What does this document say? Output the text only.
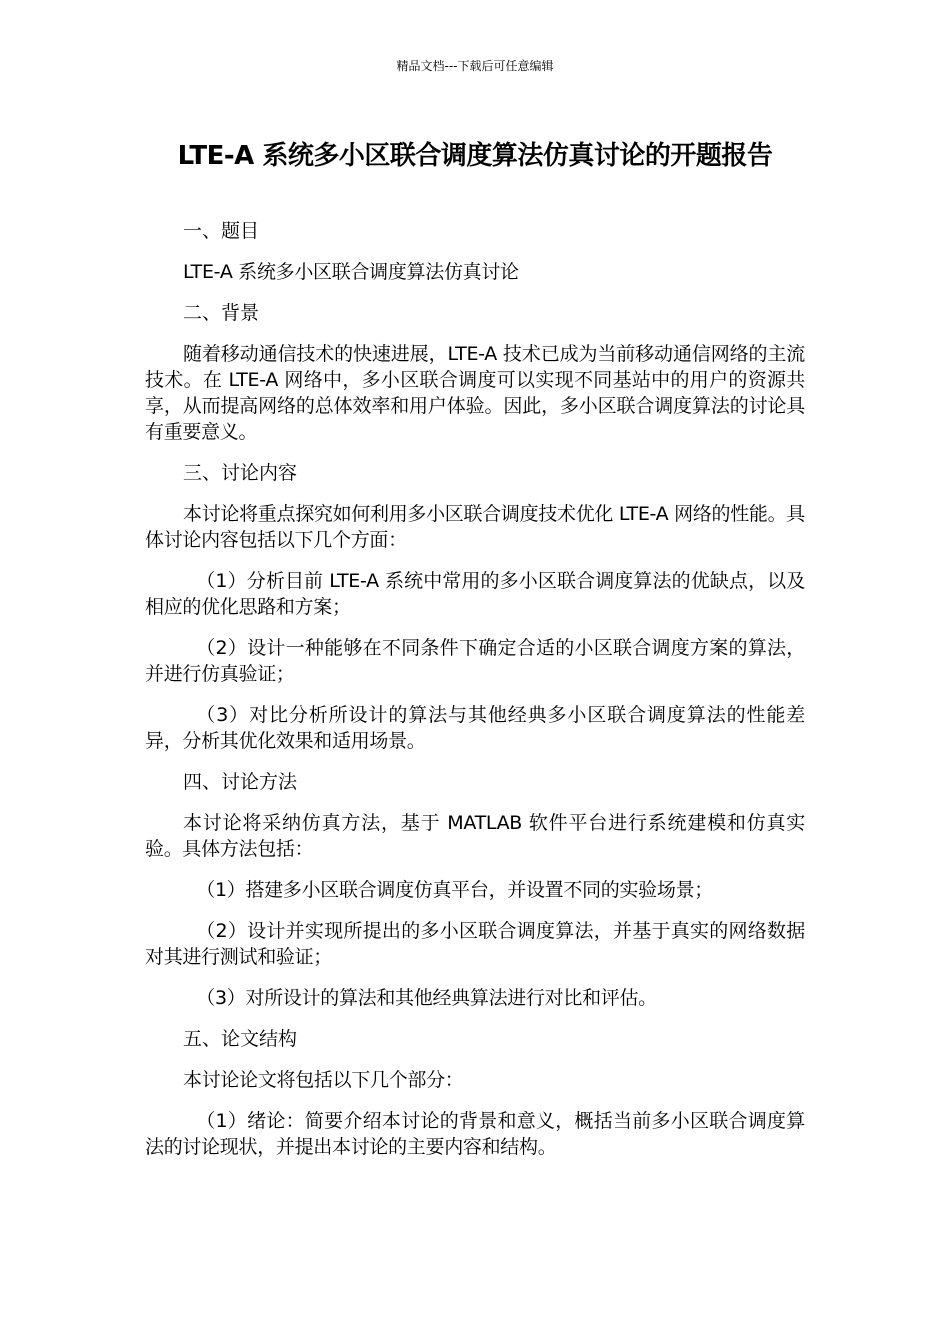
精品文档---下载后可任意编辑
LTE-A 系统多小区联合调度算法仿真讨论的开题报告

一、题目

LTE-A 系统多小区联合调度算法仿真讨论

二、背景

随着移动通信技术的快速进展，LTE-A 技术已成为当前移动通信网络的主流技术。在 LTE-A 网络中，多小区联合调度可以实现不同基站中的用户的资源共享，从而提高网络的总体效率和用户体验。因此，多小区联合调度算法的讨论具有重要意义。

三、讨论内容

本讨论将重点探究如何利用多小区联合调度技术优化 LTE-A 网络的性能。具体讨论内容包括以下几个方面：

（1）分析目前 LTE-A 系统中常用的多小区联合调度算法的优缺点，以及相应的优化思路和方案；

（2）设计一种能够在不同条件下确定合适的小区联合调度方案的算法，并进行仿真验证；

（3）对比分析所设计的算法与其他经典多小区联合调度算法的性能差异，分析其优化效果和适用场景。

四、讨论方法

本讨论将采纳仿真方法，基于 MATLAB 软件平台进行系统建模和仿真实验。具体方法包括：

（1）搭建多小区联合调度仿真平台，并设置不同的实验场景；

（2）设计并实现所提出的多小区联合调度算法，并基于真实的网络数据对其进行测试和验证；

（3）对所设计的算法和其他经典算法进行对比和评估。

五、论文结构

本讨论论文将包括以下几个部分：

（1）绪论：简要介绍本讨论的背景和意义，概括当前多小区联合调度算法的讨论现状，并提出本讨论的主要内容和结构。
